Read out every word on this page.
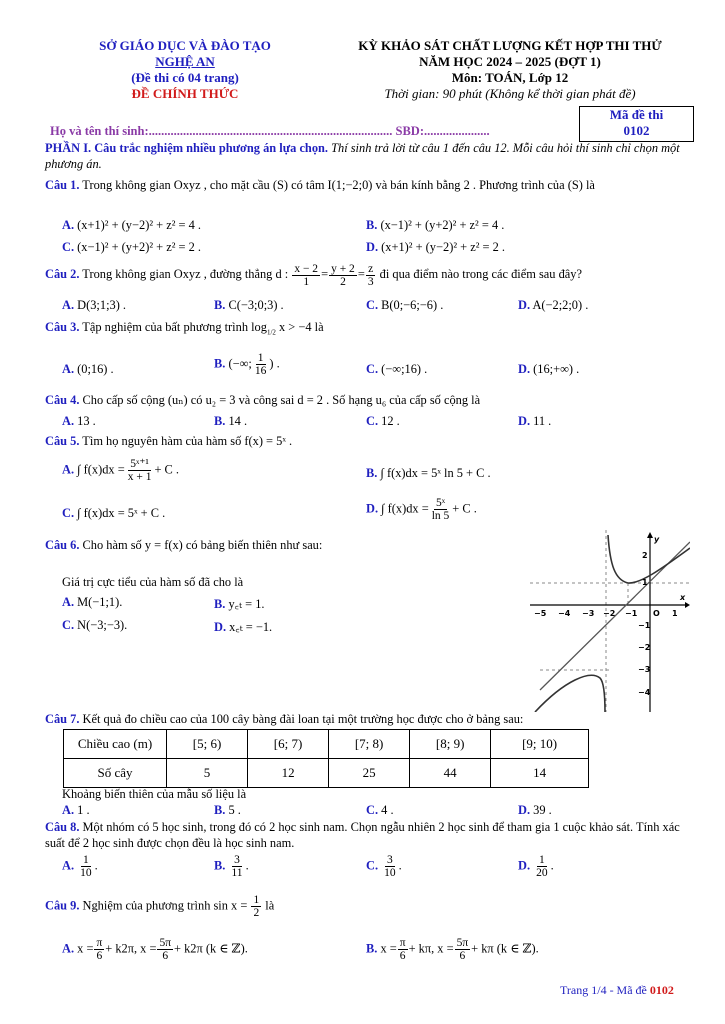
SỞ GIÁO DỤC VÀ ĐÀO TẠO
NGHỆ AN
(Đề thi có 04 trang)
ĐỀ CHÍNH THỨC
KỲ KHẢO SÁT CHẤT LƯỢNG KẾT HỢP THI THỬ
NĂM HỌC 2024 – 2025 (ĐỢT 1)
Môn: TOÁN, Lớp 12
Thời gian: 90 phút (Không kể thời gian phát đề)
Mã đề thi
0102
Họ và tên thí sinh:.............................................................................. SBD:.....................
PHẦN I. Câu trắc nghiệm nhiều phương án lựa chọn. Thí sinh trả lời từ câu 1 đến câu 12. Mỗi câu hỏi thí sinh chỉ chọn một phương án.
Câu 1. Trong không gian Oxyz , cho mặt cầu (S) có tâm I(1;−2;0) và bán kính bằng 2 . Phương trình của (S) là
A. (x+1)² + (y−2)² + z² = 4 .	B. (x−1)² + (y+2)² + z² = 4 .
C. (x−1)² + (y+2)² + z² = 2 .	D. (x+1)² + (y−2)² + z² = 2 .
Câu 2. Trong không gian Oxyz , đường thẳng d : $\frac{x - 2}{1} = \frac{y + 2}{2} = \frac{z}{3}$ đi qua điểm nào trong các điểm sau đây?
A. D(3;1;3) .	B. C(−3;0;3) .	C. B(0;−6;−6) .	D. A(−2;2;0) .
Câu 3. Tập nghiệm của bất phương trình $\log_{1/2} x > -4$ là
A. (0;16) .	B. (−∞; $\frac{1}{16}$ ) .	C. (−∞;16) .	D. (16;+∞) .
Câu 4. Cho cấp số cộng (uₙ) có u₂ = 3 và công sai d = 2 . Số hạng u₆ của cấp số cộng là
A. 13 .	B. 14 .	C. 12 .	D. 11 .
Câu 5. Tìm họ nguyên hàm của hàm số f(x) = 5ˣ .
A. ∫ $f(x)dx = \frac{\text{5ˣ⁺¹}}{x + 1} + C$ .	B. ∫ f(x)dx = 5ˣ ln 5 + C .
C. ∫ f(x)dx = 5ˣ + C .	D. ∫ $f(x)dx = \frac{\text{5ˣ}}{\ln 5} + C$ .
Câu 6. Cho hàm số y = f(x) có bảng biến thiên như sau:
Giá trị cực tiểu của hàm số đã cho là
A. M(−1;1).	B. y꜀ₜ = 1.
C. N(−3;−3).	D. x꜀ₜ = −1.
−5 −4 −3 −2 −1 O 1
2
1
−1
−2
−3
−4
x
y
Câu 7. Kết quả đo chiều cao của 100 cây bàng đài loan tại một trường học được cho ở bảng sau:
Chiều cao (m)	[5; 6)	[6; 7)	[7; 8)	[8; 9)	[9; 10)
Số cây	5	12	25	44	14
Khoảng biến thiên của mẫu số liệu là
A. 1 .	B. 5 .	C. 4 .	D. 39 .
Câu 8. Một nhóm có 5 học sinh, trong đó có 2 học sinh nam. Chọn ngẫu nhiên 2 học sinh để tham gia 1 cuộc khảo sát. Tính xác suất để 2 học sinh được chọn đều là học sinh nam.
A. $\frac{1}{10}$ .	B. $\frac{3}{11}$ .	C. $\frac{3}{10}$ .	D. $\frac{1}{20}$ .
Câu 9. Nghiệm của phương trình $\sin x = \frac{1}{2}$ là
A. $x = \frac{\pi}{6} + k2\pi$, $x = \frac{5\pi}{6} + k2\pi$ (k ∈ ℤ).	B. $x = \frac{\pi}{6} + k\pi$, $x = \frac{5\pi}{6} + k\pi$ (k ∈ ℤ).
Trang 1/4 - Mã đề 0102
